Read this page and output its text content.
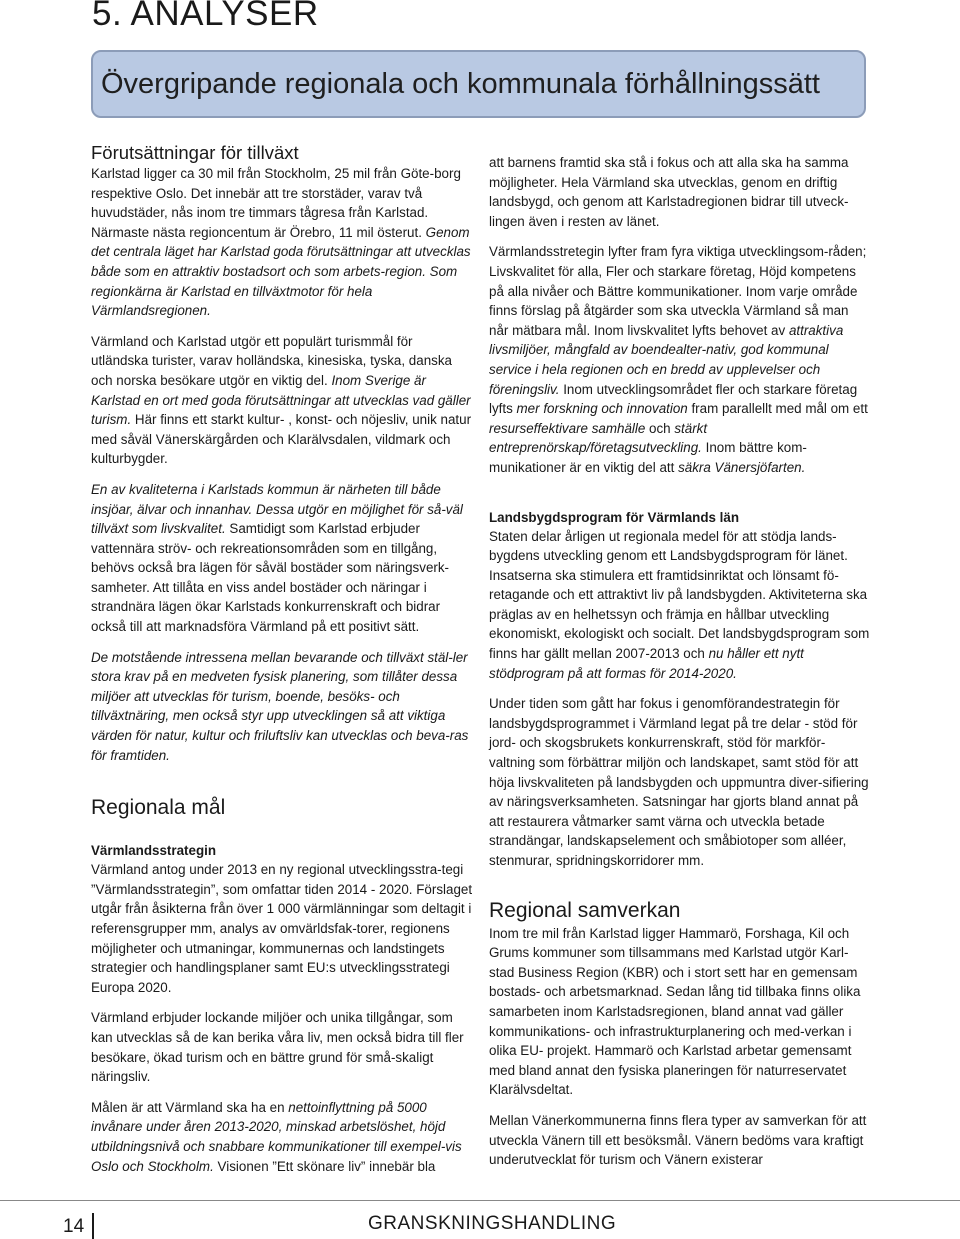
5. ANALYSER
Övergripande regionala och kommunala förhållningssätt
Förutsättningar för tillväxt

Karlstad ligger ca 30 mil från Stockholm, 25 mil från Göte-borg respektive Oslo. Det innebär att tre storstäder, varav två huvudstäder, nås inom tre timmars tågresa från Karlstad. Närmaste nästa regioncentum är Örebro, 11 mil österut. Genom det centrala läget har Karlstad goda förutsättningar att utvecklas både som en attraktiv bostadsort och som arbets-region. Som regionkärna är Karlstad en tillväxtmotor för hela Värmlandsregionen.

Värmland och Karlstad utgör ett populärt turismmål för utländska turister, varav holländska, kinesiska, tyska, danska och norska besökare utgör en viktig del. Inom Sverige är Karlstad en ort med goda förutsättningar att utvecklas vad gäller turism. Här finns ett starkt kultur- , konst- och nöjesliv, unik natur med såväl Vänerskärgården och Klarälvsdalen, vildmark och kulturbygder.

En av kvaliteterna i Karlstads kommun är närheten till både insjöar, älvar och innanhav. Dessa utgör en möjlighet för så-väl tillväxt som livskvalitet. Samtidigt som Karlstad erbjuder vattennära ströv- och rekreationsområden som en tillgång, behövs också bra lägen för såväl bostäder som näringsverk-samheter. Att tillåta en viss andel bostäder och näringar i strandnära lägen ökar Karlstads konkurrenskraft och bidrar också till att marknadsföra Värmland på ett positivt sätt.

De motstående intressena mellan bevarande och tillväxt stäl-ler stora krav på en medveten fysisk planering, som tillåter dessa miljöer att utvecklas för turism, boende, besöks- och tillväxtnäring, men också styr upp utvecklingen så att viktiga värden för natur, kultur och friluftsliv kan utvecklas och beva-ras för framtiden.

Regionala mål
Värmlandsstrategin

Värmland antog under 2013 en ny regional utvecklingsstra-tegi ”Värmlandsstrategin”, som omfattar tiden 2014 - 2020. Förslaget utgår från åsikterna från över 1 000 värmlänningar som deltagit i referensgrupper mm, analys av omvärldsfak-torer, regionens möjligheter och utmaningar, kommunernas och landstingets strategier och handlingsplaner samt EU:s utvecklingsstrategi Europa 2020.

Värmland erbjuder lockande miljöer och unika tillgångar, som kan utvecklas så de kan berika våra liv, men också bidra till fler besökare, ökad turism och en bättre grund för små-skaligt näringsliv.

Målen är att Värmland ska ha en nettoinflyttning på 5000 invånare under åren 2013-2020, minskad arbetslöshet, höjd utbildningsnivå och snabbare kommunikationer till exempel-vis Oslo och Stockholm. Visionen ”Ett skönare liv” innebär bla

att barnens framtid ska stå i fokus och att alla ska ha samma möjligheter. Hela Värmland ska utvecklas, genom en driftig landsbygd, och genom att Karlstadregionen bidrar till utveck-lingen även i resten av länet.

Värmlandsstretegin lyfter fram fyra viktiga utvecklingsom-råden; Livskvalitet för alla, Fler och starkare företag, Höjd kompetens på alla nivåer och Bättre kommunikationer. Inom varje område finns förslag på åtgärder som ska utveckla Värmland så man når mätbara mål. Inom livskvalitet lyfts behovet av attraktiva livsmiljöer, mångfald av boendealter-nativ, god kommunal service i hela regionen och en bredd av upplevelser och föreningsliv. Inom utvecklingsområdet fler och starkare företag lyfts mer forskning och innovation fram parallellt med mål om ett resurseffektivare samhälle och stärkt entreprenörskap/företagsutveckling. Inom bättre kom-munikationer är en viktig del att säkra Vänersjöfarten.

Landsbygdsprogram för Värmlands län

Staten delar årligen ut regionala medel för att stödja lands-bygdens utveckling genom ett Landsbygdsprogram för länet. Insatserna ska stimulera ett framtidsinriktat och lönsamt fö-retagande och ett attraktivt liv på landsbygden. Aktiviteterna ska präglas av en helhetssyn och främja en hållbar utveckling ekonomiskt, ekologiskt och socialt. Det landsbygdsprogram som finns har gällt mellan 2007-2013 och nu håller ett nytt stödprogram på att formas för 2014-2020.

Under tiden som gått har fokus i genomförandestrategin för landsbygdsprogrammet i Värmland legat på tre delar - stöd för jord- och skogsbrukets konkurrenskraft, stöd för markför-valtning som förbättrar miljön och landskapet, samt stöd för att höja livskvaliteten på landsbygden och uppmuntra diver-sifiering av näringsverksamheten. Satsningar har gjorts bland annat på att restaurera våtmarker samt värna och utveckla betade strandängar, landskapselement och småbiotoper som alléer, stenmurar, spridningskorridorer mm.

Regional samverkan

Inom tre mil från Karlstad ligger Hammarö, Forshaga, Kil och Grums kommuner som tillsammans med Karlstad utgör Karl-stad Business Region (KBR) och i stort sett har en gemensam bostads- och arbetsmarknad. Sedan lång tid tillbaka finns olika samarbeten inom Karlstadsregionen, bland annat vad gäller kommunikations- och infrastrukturplanering och med-verkan i olika EU- projekt. Hammarö och Karlstad arbetar gemensamt med bland annat den fysiska planeringen för naturreservatet Klarälvsdeltat.

Mellan Vänerkommunerna finns flera typer av samverkan för att utveckla Vänern till ett besöksmål. Vänern bedöms vara kraftigt underutvecklat för turism och Vänern existerar

14	GRANSKNINGSHANDLING
